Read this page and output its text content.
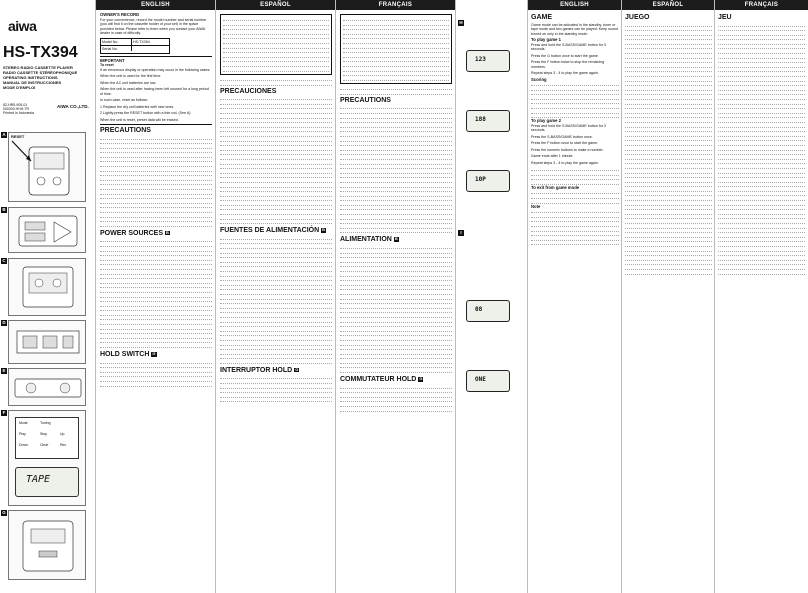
aiwa
HS-TX394
STEREO RADIO CASSETTE PLAYER
RADIO CASSETTE STÉRÉOPHONIQUE
OPERATING INSTRUCTIONS
MANUAL DE INSTRUCCIONES
MODE D'EMPLOI
8Z-HR5-905-01
000000 HHH-TR
Printed in Indonesia
AIWA CO.,LTD.
A
B
C
D
E
F
G
RESET
Mode	Tuning
Play	Stop	Up
Down	Clear	Rec
TAPE
ENGLISH
OWNER'S RECORD

For your convenience, record the model number and serial number (you will find it on the cassette holder of your set) in the space provided below. Please refer to them when you contact your AIWA dealer in case of difficulty.

Model No.	HS-TX394
Serial No.
IMPORTANT
To reset

If an erroneous display or operation may occur in the following cases:

When the unit is used for the first time.

When the AC unit batteries are low.

When the unit is used after having been left unused for a long period of time.

In such case, reset as follows:

1 Replace the dry cell batteries with new ones.

2 Lightly press the RESET button with a thin rod. (See A)

When the unit is reset, preset data will be erased.

PRECAUTIONS
POWER SOURCES B
HOLD SWITCH G
ESPAÑOL
PRECAUCIONES
FUENTES DE ALIMENTACIÓN B
INTERRUPTOR HOLD G
FRANÇAIS
PRECAUTIONS
ALIMENTATION B
COMMUTATEUR HOLD G
H
123
188
10P
I
08
ONE
ENGLISH
GAME

Game mode can be activated in the standby, tuner or tape mode and two games can be played. Keep sound turned on only in the standby mode.

To play game 1

Press and hold the S-BASS/GAME button for 3 seconds.

Press the G button once to start the game.

Press the F button twice to stop the remaining numbers.

Repeat steps 3 - 4 to play the game again.

Scoring
To play game 2

Press and hold the S-BASS/GAME button for 3 seconds.

Press the S-BASS/GAME button once.

Press the F button once to start the game.

Press the numeric buttons to make a number.

Game ends after 1 minute.

Repeat steps 3 - 4 to play the game again.

To exit from game mode
Note
ESPAÑOL
JUEGO
FRANÇAIS
JEU
